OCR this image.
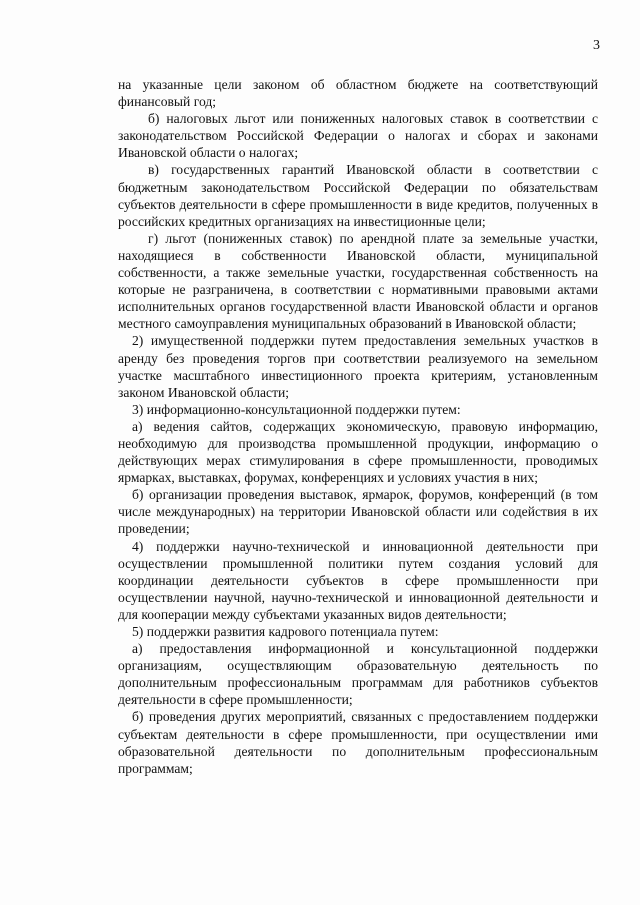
3

на указанные цели законом об областном бюджете на соответствующий финансовый год;

б) налоговых льгот или пониженных налоговых ставок в соответствии с законодательством Российской Федерации о налогах и сборах и законами Ивановской области о налогах;

в) государственных гарантий Ивановской области в соответствии с бюджетным законодательством Российской Федерации по обязательствам субъектов деятельности в сфере промышленности в виде кредитов, полученных в российских кредитных организациях на инвестиционные цели;

г) льгот (пониженных ставок) по арендной плате за земельные участки, находящиеся в собственности Ивановской области, муниципальной собственности, а также земельные участки, государственная собственность на которые не разграничена, в соответствии с нормативными правовыми актами исполнительных органов государственной власти Ивановской области и органов местного самоуправления муниципальных образований в Ивановской области;

2) имущественной поддержки путем предоставления земельных участков в аренду без проведения торгов при соответствии реализуемого на земельном участке масштабного инвестиционного проекта критериям, установленным законом Ивановской области;

3) информационно-консультационной поддержки путем:

а) ведения сайтов, содержащих экономическую, правовую информацию, необходимую для производства промышленной продукции, информацию о действующих мерах стимулирования в сфере промышленности, проводимых ярмарках, выставках, форумах, конференциях и условиях участия в них;

б) организации проведения выставок, ярмарок, форумов, конференций (в том числе международных) на территории Ивановской области или содействия в их проведении;

4) поддержки научно-технической и инновационной деятельности при осуществлении промышленной политики путем создания условий для координации деятельности субъектов в сфере промышленности при осуществлении научной, научно-технической и инновационной деятельности и для кооперации между субъектами указанных видов деятельности;

5) поддержки развития кадрового потенциала путем:

а) предоставления информационной и консультационной поддержки организациям, осуществляющим образовательную деятельность по дополнительным профессиональным программам для работников субъектов деятельности в сфере промышленности;

б) проведения других мероприятий, связанных с предоставлением поддержки субъектам деятельности в сфере промышленности, при осуществлении ими образовательной деятельности по дополнительным профессиональным программам;
